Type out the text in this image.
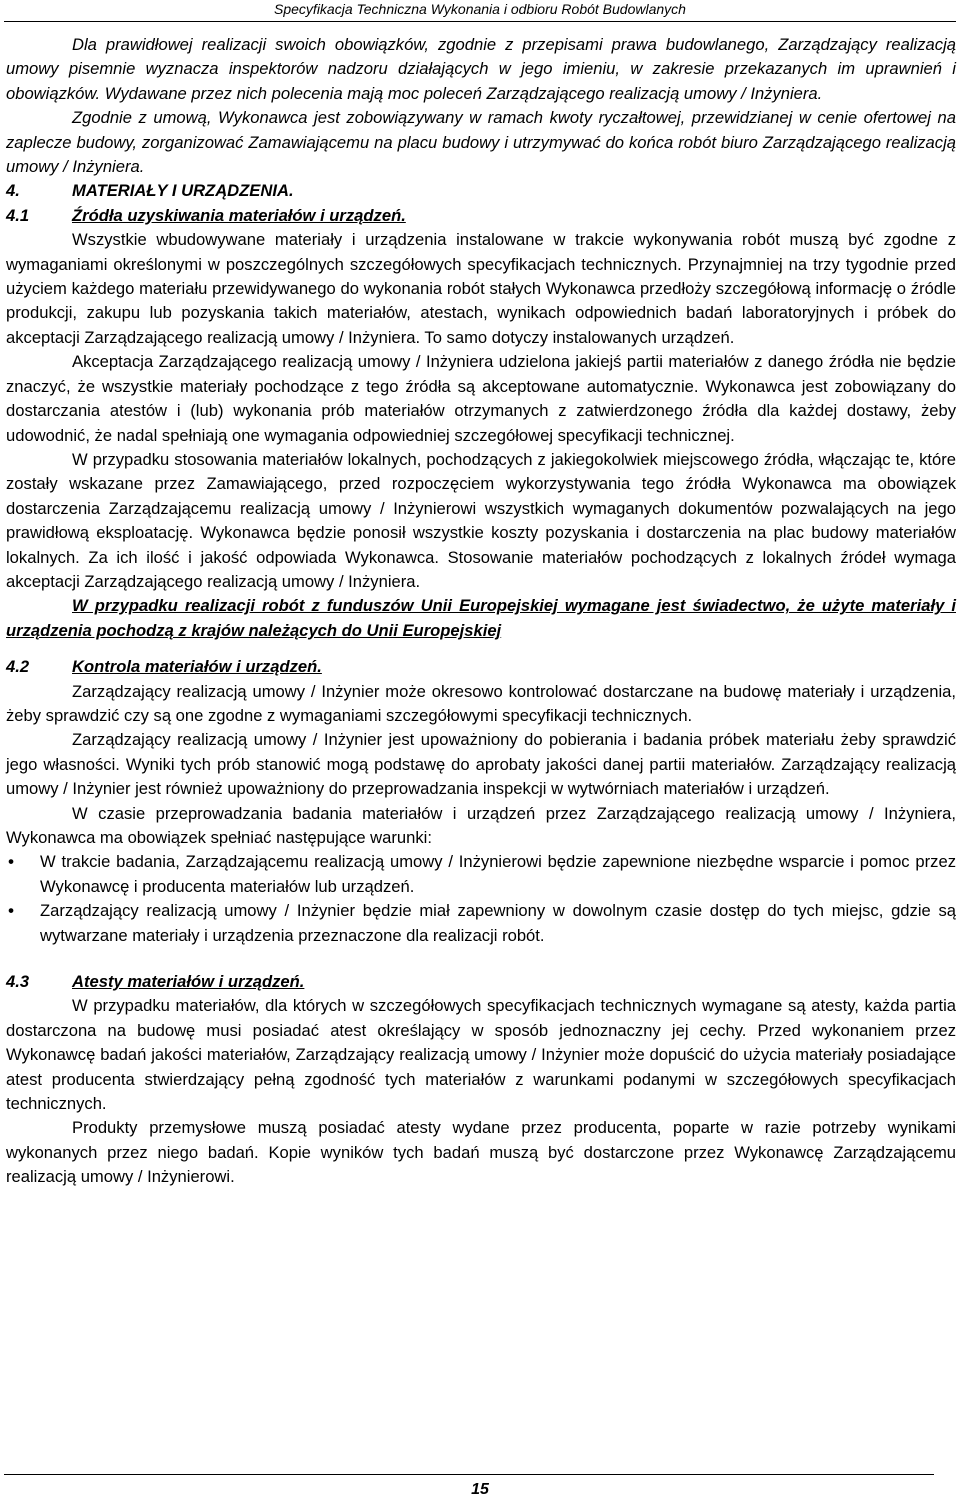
Specyfikacja Techniczna Wykonania i odbioru Robót Budowlanych

Dla prawidłowej realizacji swoich obowiązków, zgodnie z przepisami prawa budowlanego, Zarządzający realizacją umowy pisemnie wyznacza inspektorów nadzoru działających w jego imieniu, w zakresie przekazanych im uprawnień i obowiązków. Wydawane przez nich polecenia mają moc poleceń Zarządzającego realizacją umowy / Inżyniera.

Zgodnie z umową, Wykonawca jest zobowiązywany w ramach kwoty ryczałtowej, przewidzianej w cenie ofertowej na zaplecze budowy, zorganizować Zamawiającemu na placu budowy i utrzymywać do końca robót biuro Zarządzającego realizacją umowy / Inżyniera.

4.	MATERIAŁY I URZĄDZENIA.
4.1	Źródła uzyskiwania materiałów i urządzeń.

Wszystkie wbudowywane materiały i urządzenia instalowane w trakcie wykonywania robót muszą być zgodne z wymaganiami określonymi w poszczególnych szczegółowych specyfikacjach technicznych. Przynajmniej na trzy tygodnie przed użyciem każdego materiału przewidywanego do wykonania robót stałych Wykonawca przedłoży szczegółową informację o źródle produkcji, zakupu lub pozyskania takich materiałów, atestach, wynikach odpowiednich badań laboratoryjnych i próbek do akceptacji Zarządzającego realizacją umowy / Inżyniera. To samo dotyczy instalowanych urządzeń.

Akceptacja Zarządzającego realizacją umowy / Inżyniera udzielona jakiejś partii materiałów z danego źródła nie będzie znaczyć, że wszystkie materiały pochodzące z tego źródła są akceptowane automatycznie. Wykonawca jest zobowiązany do dostarczania atestów i (lub) wykonania prób materiałów otrzymanych z zatwierdzonego źródła dla każdej dostawy, żeby udowodnić, że nadal spełniają one wymagania odpowiedniej szczegółowej specyfikacji technicznej.

W przypadku stosowania materiałów lokalnych, pochodzących z jakiegokolwiek miejscowego źródła, włączając te, które zostały wskazane przez Zamawiającego, przed rozpoczęciem wykorzystywania tego źródła Wykonawca ma obowiązek dostarczenia Zarządzającemu realizacją umowy / Inżynierowi wszystkich wymaganych dokumentów pozwalających na jego prawidłową eksploatację. Wykonawca będzie ponosił wszystkie koszty pozyskania i dostarczenia na plac budowy materiałów lokalnych. Za ich ilość i jakość odpowiada Wykonawca. Stosowanie materiałów pochodzących z lokalnych źródeł wymaga akceptacji Zarządzającego realizacją umowy / Inżyniera.

W przypadku realizacji robót z funduszów Unii Europejskiej wymagane jest świadectwo, że użyte materiały i urządzenia pochodzą z krajów należących do Unii Europejskiej

4.2	Kontrola materiałów i urządzeń.

Zarządzający realizacją umowy / Inżynier może okresowo kontrolować dostarczane na budowę materiały i urządzenia, żeby sprawdzić czy są one zgodne z wymaganiami szczegółowymi specyfikacji technicznych.

Zarządzający realizacją umowy / Inżynier jest upoważniony do pobierania i badania próbek materiału żeby sprawdzić jego własności. Wyniki tych prób stanowić mogą podstawę do aprobaty jakości danej partii materiałów. Zarządzający realizacją umowy / Inżynier jest również upoważniony do przeprowadzania inspekcji w wytwórniach materiałów i urządzeń.

W czasie przeprowadzania badania materiałów i urządzeń przez Zarządzającego realizacją umowy / Inżyniera, Wykonawca ma obowiązek spełniać następujące warunki:

• W trakcie badania, Zarządzającemu realizacją umowy / Inżynierowi będzie zapewnione niezbędne wsparcie i pomoc przez Wykonawcę i producenta materiałów lub urządzeń.
• Zarządzający realizacją umowy / Inżynier będzie miał zapewniony w dowolnym czasie dostęp do tych miejsc, gdzie są wytwarzane materiały i urządzenia przeznaczone dla realizacji robót.
4.3	Atesty materiałów i urządzeń.

W przypadku materiałów, dla których w szczegółowych specyfikacjach technicznych wymagane są atesty, każda partia dostarczona na budowę musi posiadać atest określający w sposób jednoznaczny jej cechy. Przed wykonaniem przez Wykonawcę badań jakości materiałów, Zarządzający realizacją umowy / Inżynier może dopuścić do użycia materiały posiadające atest producenta stwierdzający pełną zgodność tych materiałów z warunkami podanymi w szczegółowych specyfikacjach technicznych.

Produkty przemysłowe muszą posiadać atesty wydane przez producenta, poparte w razie potrzeby wynikami wykonanych przez niego badań. Kopie wyników tych badań muszą być dostarczone przez Wykonawcę Zarządzającemu realizacją umowy / Inżynierowi.

15
